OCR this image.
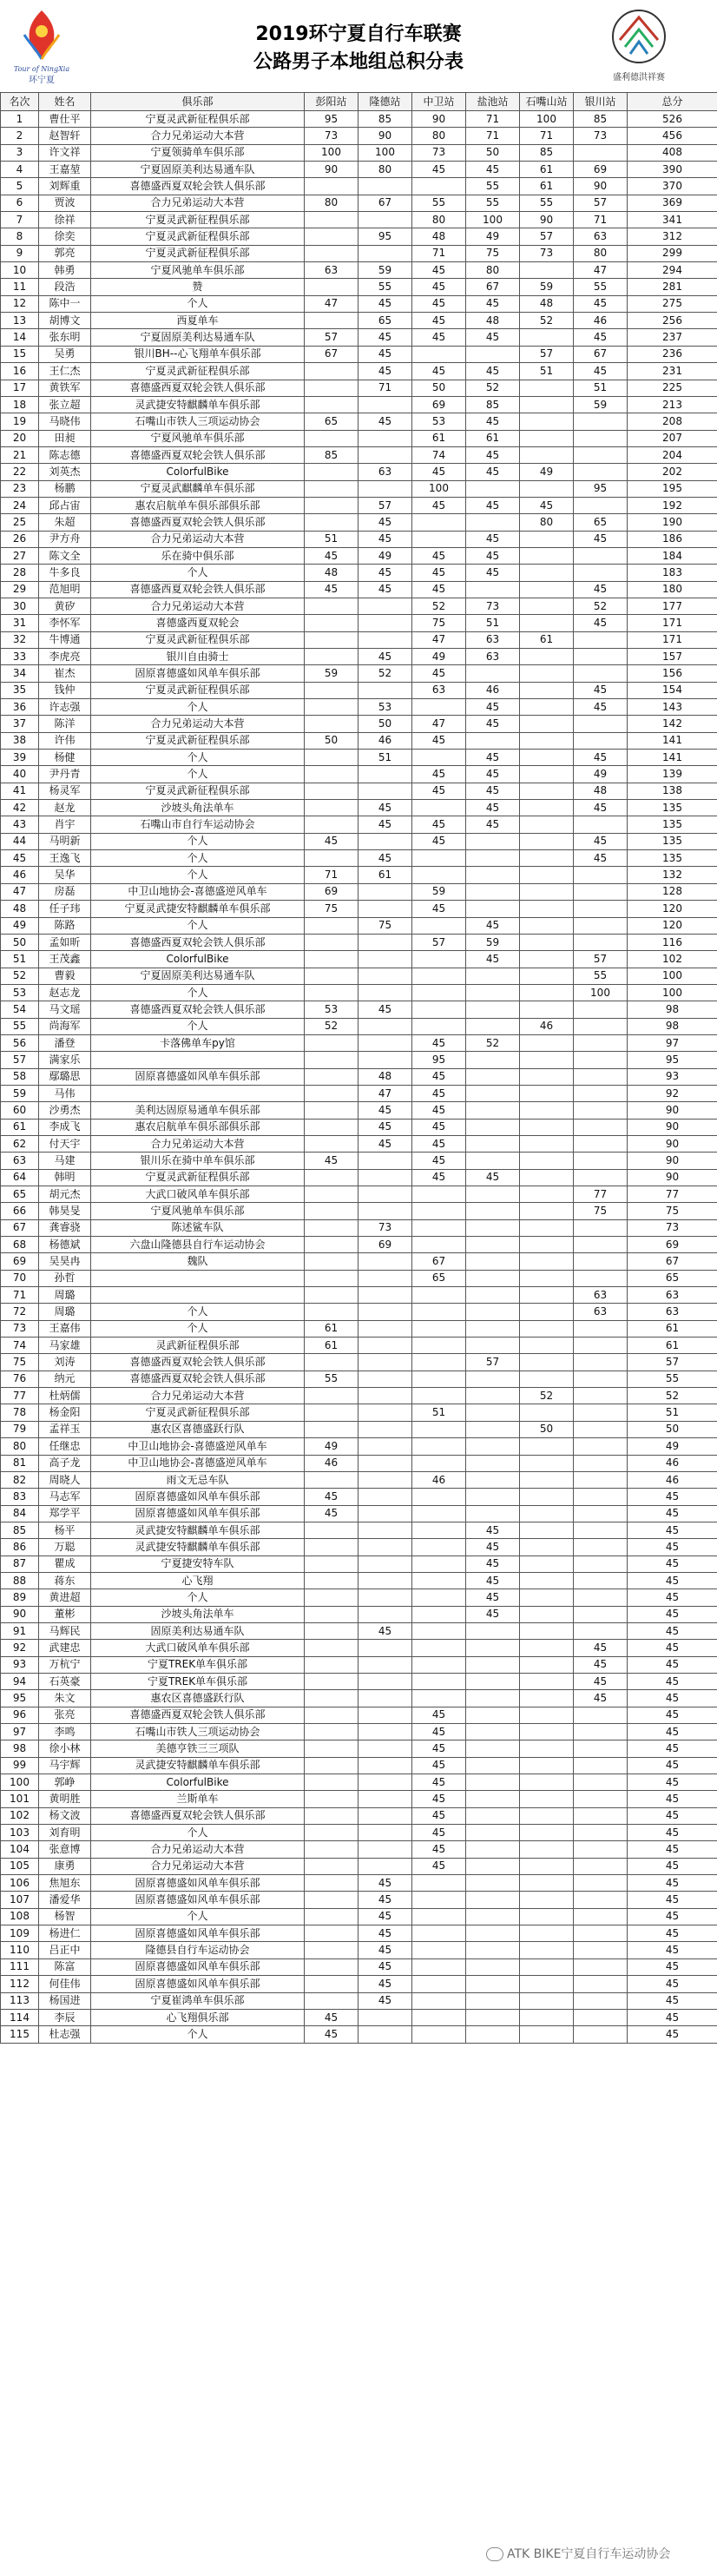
Tour of NingXia
环宁夏
2019环宁夏自行车联赛
公路男子本地组总积分表
盛利德洪祥赛
名次	姓名	俱乐部	彭阳站	隆德站	中卫站	盐池站	石嘴山站	银川站	总分
1	曹仕平	宁夏灵武新征程俱乐部	95	85	90	71	100	85	526
2	赵智轩	合力兄弟运动大本营	73	90	80	71	71	73	456
3	许文祥	宁夏领骑单车俱乐部	100	100	73	50	85		408
4	王嘉堃	宁夏固原美利达易通车队	90	80	45	45	61	69	390
5	刘辉重	喜德盛西夏双轮会铁人俱乐部				55	61	90	370
6	贾波	合力兄弟运动大本营	80	67	55	55	55	57	369
7	徐祥	宁夏灵武新征程俱乐部			80	100	90	71	341
8	徐奕	宁夏灵武新征程俱乐部		95	48	49	57	63	312
9	郭亮	宁夏灵武新征程俱乐部			71	75	73	80	299
10	韩勇	宁夏风驰单车俱乐部	63	59	45	80		47	294
11	段浩	赞		55	45	67	59	55	281
12	陈中一	个人	47	45	45	45	48	45	275
13	胡博文	西夏单车		65	45	48	52	46	256
14	张东明	宁夏固原美利达易通车队	57	45	45	45		45	237
15	吴勇	银川BH--心飞翔单车俱乐部	67	45			57	67	236
16	王仁杰	宁夏灵武新征程俱乐部		45	45	45	51	45	231
17	黄铁军	喜德盛西夏双轮会铁人俱乐部		71	50	52		51	225
18	张立超	灵武捷安特麒麟单车俱乐部			69	85		59	213
19	马晓伟	石嘴山市铁人三项运动协会	65	45	53	45			208
20	田昶	宁夏风驰单车俱乐部			61	61			207
21	陈志德	喜德盛西夏双轮会铁人俱乐部	85		74	45			204
22	刘英杰	ColorfulBike		63	45	45	49		202
23	杨鹏	宁夏灵武麒麟单车俱乐部			100			95	195
24	邱占宙	惠农启航单车俱乐部俱乐部		57	45	45	45		192
25	朱超	喜德盛西夏双轮会铁人俱乐部		45			80	65	190
26	尹方舟	合力兄弟运动大本营	51	45		45		45	186
27	陈文全	乐在骑中俱乐部	45	49	45	45			184
28	牛多良	个人	48	45	45	45			183
29	范旭明	喜德盛西夏双轮会铁人俱乐部	45	45	45			45	180
30	黄矽	合力兄弟运动大本营			52	73		52	177
31	李怀军	喜德盛西夏双轮会			75	51		45	171
32	牛博通	宁夏灵武新征程俱乐部			47	63	61		171
33	李虎亮	银川自由骑士		45	49	63			157
34	崔杰	固原喜德盛如风单车俱乐部	59	52	45				156
35	钱仲	宁夏灵武新征程俱乐部			63	46		45	154
36	许志强	个人		53		45		45	143
37	陈洋	合力兄弟运动大本营		50	47	45			142
38	许伟	宁夏灵武新征程俱乐部	50	46	45				141
39	杨健	个人		51		45		45	141
40	尹丹青	个人			45	45		49	139
41	杨灵军	宁夏灵武新征程俱乐部			45	45		48	138
42	赵龙	沙坡头角法单车		45		45		45	135
43	肖宇	石嘴山市自行车运动协会		45	45	45			135
44	马明新	个人	45		45			45	135
45	王逸飞	个人		45				45	135
46	吴华	个人	71	61					132
47	房磊	中卫山地协会-喜德盛逆风单车	69		59				128
48	任子玮	宁夏灵武捷安特麒麟单车俱乐部	75		45				120
49	陈路	个人		75		45			120
50	孟如昕	喜德盛西夏双轮会铁人俱乐部			57	59			116
51	王茂鑫	ColorfulBike				45		57	102
52	曹毅	宁夏固原美利达易通车队						55	100
53	赵志龙	个人						100	100
54	马文瑶	喜德盛西夏双轮会铁人俱乐部	53	45					98
55	尚海军	个人	52				46		98
56	潘登	卡落佛单车py馆			45	52			97
57	满家乐				95				95
58	鄢璐思	固原喜德盛如风单车俱乐部		48	45				93
59	马伟			47	45				92
60	沙勇杰	美利达固原易通单车俱乐部		45	45				90
61	李成飞	惠农启航单车俱乐部俱乐部		45	45				90
62	付天宇	合力兄弟运动大本营		45	45				90
63	马建	银川乐在骑中单车俱乐部	45		45				90
64	韩明	宁夏灵武新征程俱乐部			45	45			90
65	胡元杰	大武口破风单车俱乐部						77	77
66	韩昊旻	宁夏风驰单车俱乐部						75	75
67	龚睿骁	陈述鲨车队		73					73
68	杨德斌	六盘山隆德县自行车运动协会		69					69
69	吴昊冉	魏队			67				67
70	孙哲				65				65
71	周璐							63	63
72	周璐	个人						63	63
73	王嘉伟	个人	61						61
74	马家雄	灵武新征程俱乐部	61						61
75	刘涛	喜德盛西夏双轮会铁人俱乐部				57			57
76	纳元	喜德盛西夏双轮会铁人俱乐部	55						55
77	杜炳儒	合力兄弟运动大本营					52		52
78	杨金阳	宁夏灵武新征程俱乐部			51				51
79	孟祥玉	惠农区喜德盛跃行队					50		50
80	任继忠	中卫山地协会-喜德盛逆风单车	49						49
81	高子龙	中卫山地协会-喜德盛逆风单车	46						46
82	周晓人	雨文无忌车队			46				46
83	马志军	固原喜德盛如风单车俱乐部	45						45
84	郑学平	固原喜德盛如风单车俱乐部	45						45
85	杨平	灵武捷安特麒麟单车俱乐部				45			45
86	万聪	灵武捷安特麒麟单车俱乐部				45			45
87	瞿成	宁夏捷安特车队				45			45
88	蒋东	心飞翔				45			45
89	黄进超	个人				45			45
90	董彬	沙坡头角法单车				45			45
91	马辉民	固原美利达易通车队		45					45
92	武建忠	大武口破风单车俱乐部						45	45
93	万杭宁	宁夏TREK单车俱乐部						45	45
94	石英豪	宁夏TREK单车俱乐部						45	45
95	朱文	惠农区喜德盛跃行队						45	45
96	张亮	喜德盛西夏双轮会铁人俱乐部			45				45
97	李鸣	石嘴山市铁人三项运动协会			45				45
98	徐小林	美德亨铁三三项队			45				45
99	马宇辉	灵武捷安特麒麟单车俱乐部			45				45
100	郭峥	ColorfulBike			45				45
101	黄明胜	兰斯单车			45				45
102	杨文波	喜德盛西夏双轮会铁人俱乐部			45				45
103	刘育明	个人			45				45
104	张意博	合力兄弟运动大本营			45				45
105	康勇	合力兄弟运动大本营			45				45
106	焦旭东	固原喜德盛如风单车俱乐部		45					45
107	潘爱华	固原喜德盛如风单车俱乐部		45					45
108	杨智	个人		45					45
109	杨进仁	固原喜德盛如风单车俱乐部		45					45
110	吕正中	隆德县自行车运动协会		45					45
111	陈富	固原喜德盛如风单车俱乐部		45					45
112	何佳伟	固原喜德盛如风单车俱乐部		45					45
113	杨国进	宁夏崔鸿单车俱乐部		45					45
114	李辰	心飞翔俱乐部	45						45
115	杜志强	个人	45						45
ATK BIKE宁夏自行车运动协会
